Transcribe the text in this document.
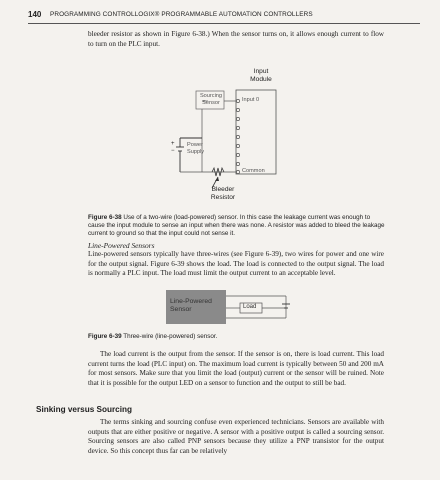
140 PROGRAMMING CONTROLLOGIX® PROGRAMMABLE AUTOMATION CONTROLLERS
bleeder resistor as shown in Figure 6-38.) When the sensor turns on, it allows enough current to flow to turn on the PLC input.
Input
Module
Sourcing
Sensor	Input 0
Common
Power
Supply
+
−
Bleeder
Resistor
Figure 6-38 Use of a two-wire (load-powered) sensor. In this case the leakage current was enough to cause the input module to sense an input when there was none. A resistor was added to bleed the leakage current to ground so that the input could not sense it.
Line-Powered Sensors
Line-powered sensors typically have three-wires (see Figure 6-39), two wires for power and one wire for the output signal. Figure 6-39 shows the load. The load is connected to the output signal. The load is normally a PLC input. The load must limit the output current to an acceptable level.
Line-Powered
Sensor	Load
Figure 6-39 Three-wire (line-powered) sensor.
The load current is the output from the sensor. If the sensor is on, there is load current. This load current turns the load (PLC input) on. The maximum load current is typically between 50 and 200 mA for most sensors. Make sure that you limit the load (output) current or the sensor will be ruined. Note that it is possible for the output LED on a sensor to function and the output to still be bad.
Sinking versus Sourcing
The terms sinking and sourcing confuse even experienced technicians. Sensors are available with outputs that are either positive or negative. A sensor with a positive output is called a sourcing sensor. Sourcing sensors are also called PNP sensors because they utilize a PNP transistor for the output device. So this concept thus far can be relatively
